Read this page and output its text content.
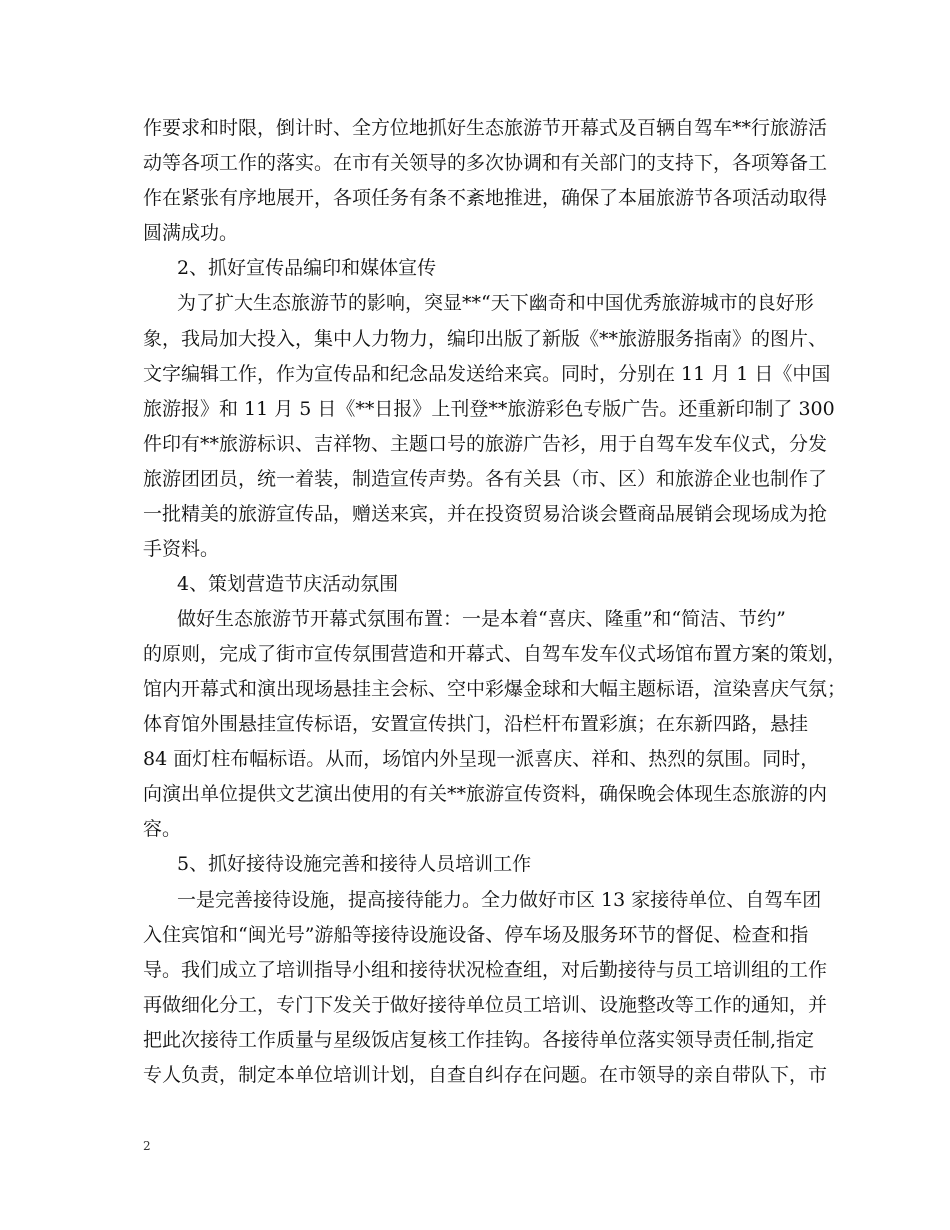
作要求和时限，倒计时、全方位地抓好生态旅游节开幕式及百辆自驾车**行旅游活
动等各项工作的落实。在市有关领导的多次协调和有关部门的支持下，各项筹备工
作在紧张有序地展开，各项任务有条不紊地推进，确保了本届旅游节各项活动取得
圆满成功。
2、抓好宣传品编印和媒体宣传
为了扩大生态旅游节的影响，突显**“天下幽奇和中国优秀旅游城市的良好形
象，我局加大投入，集中人力物力，编印出版了新版《**旅游服务指南》的图片、
文字编辑工作，作为宣传品和纪念品发送给来宾。同时，分别在 11 月 1 日《中国
旅游报》和 11 月 5 日《**日报》上刊登**旅游彩色专版广告。还重新印制了 300
件印有**旅游标识、吉祥物、主题口号的旅游广告衫，用于自驾车发车仪式，分发
旅游团团员，统一着装，制造宣传声势。各有关县（市、区）和旅游企业也制作了
一批精美的旅游宣传品，赠送来宾，并在投资贸易洽谈会暨商品展销会现场成为抢
手资料。
4、策划营造节庆活动氛围
做好生态旅游节开幕式氛围布置：一是本着“喜庆、隆重”和“简洁、节约”
的原则，完成了街市宣传氛围营造和开幕式、自驾车发车仪式场馆布置方案的策划，
馆内开幕式和演出现场悬挂主会标、空中彩爆金球和大幅主题标语，渲染喜庆气氛；
体育馆外围悬挂宣传标语，安置宣传拱门，沿栏杆布置彩旗；在东新四路，悬挂
84 面灯柱布幅标语。从而，场馆内外呈现一派喜庆、祥和、热烈的氛围。同时，
向演出单位提供文艺演出使用的有关**旅游宣传资料，确保晚会体现生态旅游的内
容。
5、抓好接待设施完善和接待人员培训工作
一是完善接待设施，提高接待能力。全力做好市区 13 家接待单位、自驾车团
入住宾馆和“闽光号”游船等接待设施设备、停车场及服务环节的督促、检查和指
导。我们成立了培训指导小组和接待状况检查组，对后勤接待与员工培训组的工作
再做细化分工，专门下发关于做好接待单位员工培训、设施整改等工作的通知，并
把此次接待工作质量与星级饭店复核工作挂钩。各接待单位落实领导责任制,指定
专人负责，制定本单位培训计划，自查自纠存在问题。在市领导的亲自带队下，市
2
